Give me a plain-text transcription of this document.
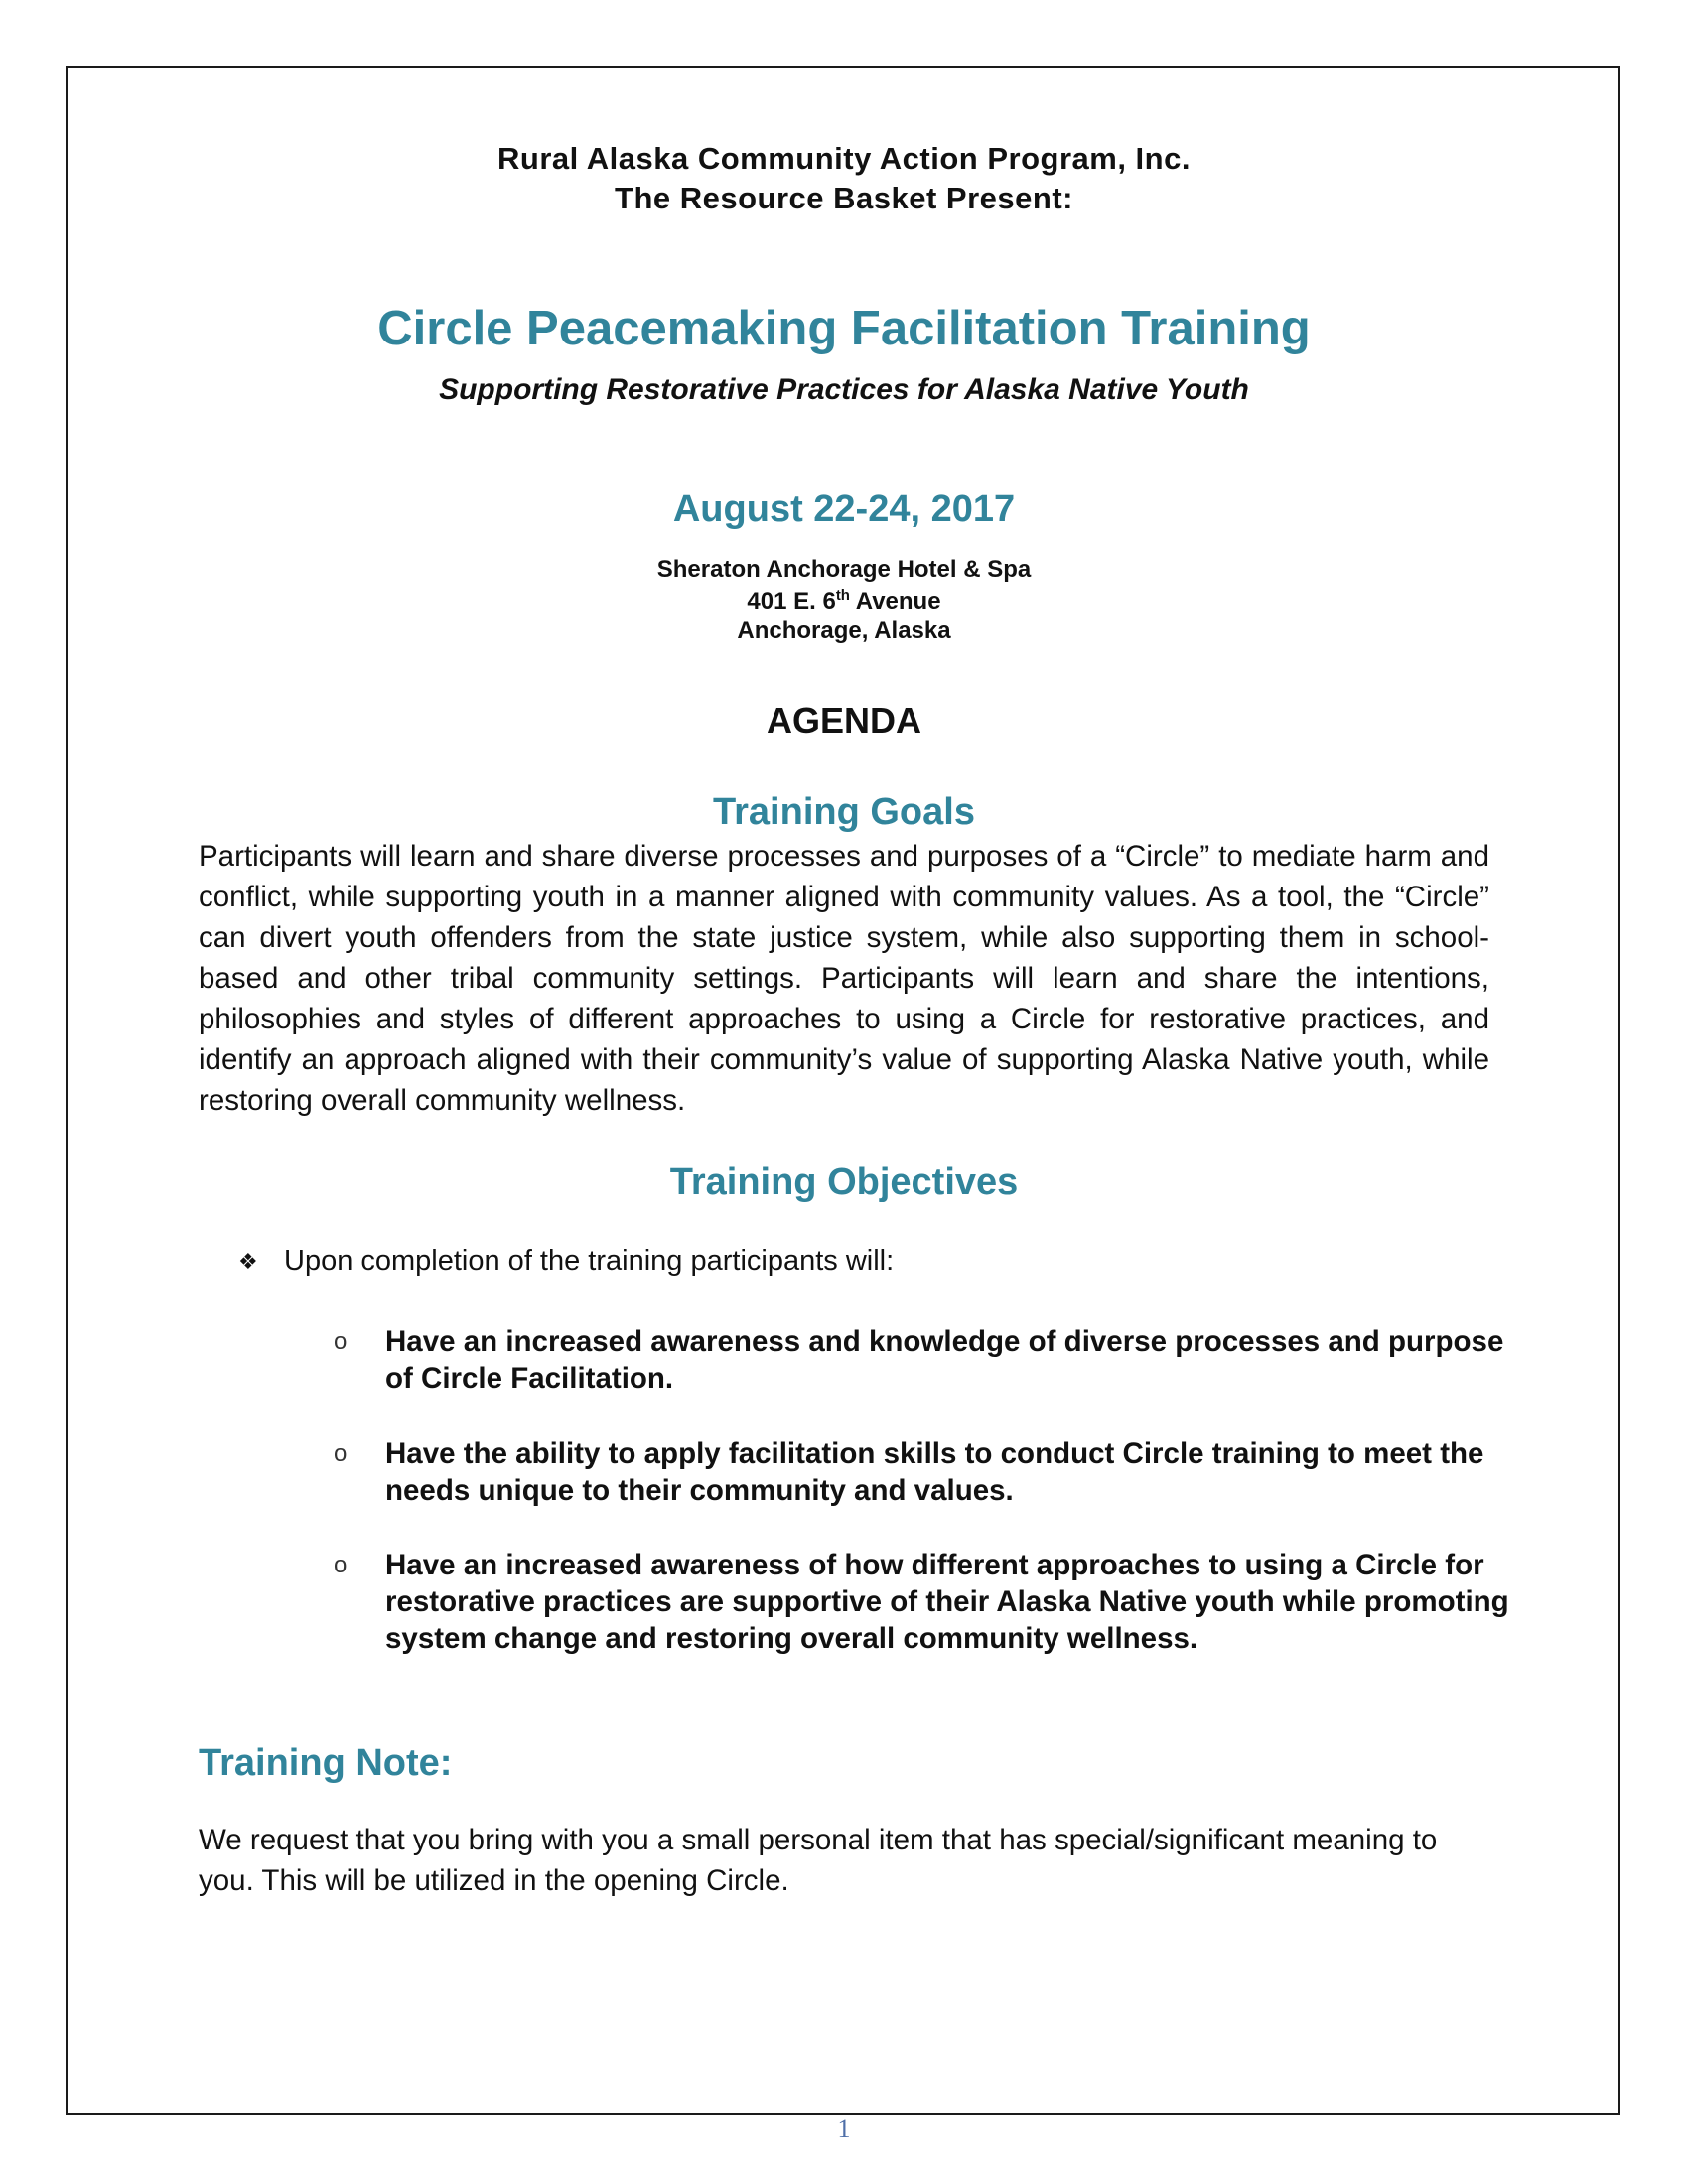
Rural Alaska Community Action Program, Inc.
The Resource Basket Present:
Circle Peacemaking Facilitation Training
Supporting Restorative Practices for Alaska Native Youth
August 22-24, 2017
Sheraton Anchorage Hotel & Spa
401 E. 6th Avenue
Anchorage, Alaska
AGENDA
Training Goals
Participants will learn and share diverse processes and purposes of a “Circle” to mediate harm and conflict, while supporting youth in a manner aligned with community values. As a tool, the “Circle” can divert youth offenders from the state justice system, while also supporting them in school-based and other tribal community settings. Participants will learn and share the intentions, philosophies and styles of different approaches to using a Circle for restorative practices, and identify an approach aligned with their community’s value of supporting Alaska Native youth, while restoring overall community wellness.
Training Objectives
❖ Upon completion of the training participants will:
o Have an increased awareness and knowledge of diverse processes and purpose of Circle Facilitation.
o Have the ability to apply facilitation skills to conduct Circle training to meet the needs unique to their community and values.
o Have an increased awareness of how different approaches to using a Circle for restorative practices are supportive of their Alaska Native youth while promoting system change and restoring overall community wellness.
Training Note:
We request that you bring with you a small personal item that has special/significant meaning to you. This will be utilized in the opening Circle.
1
